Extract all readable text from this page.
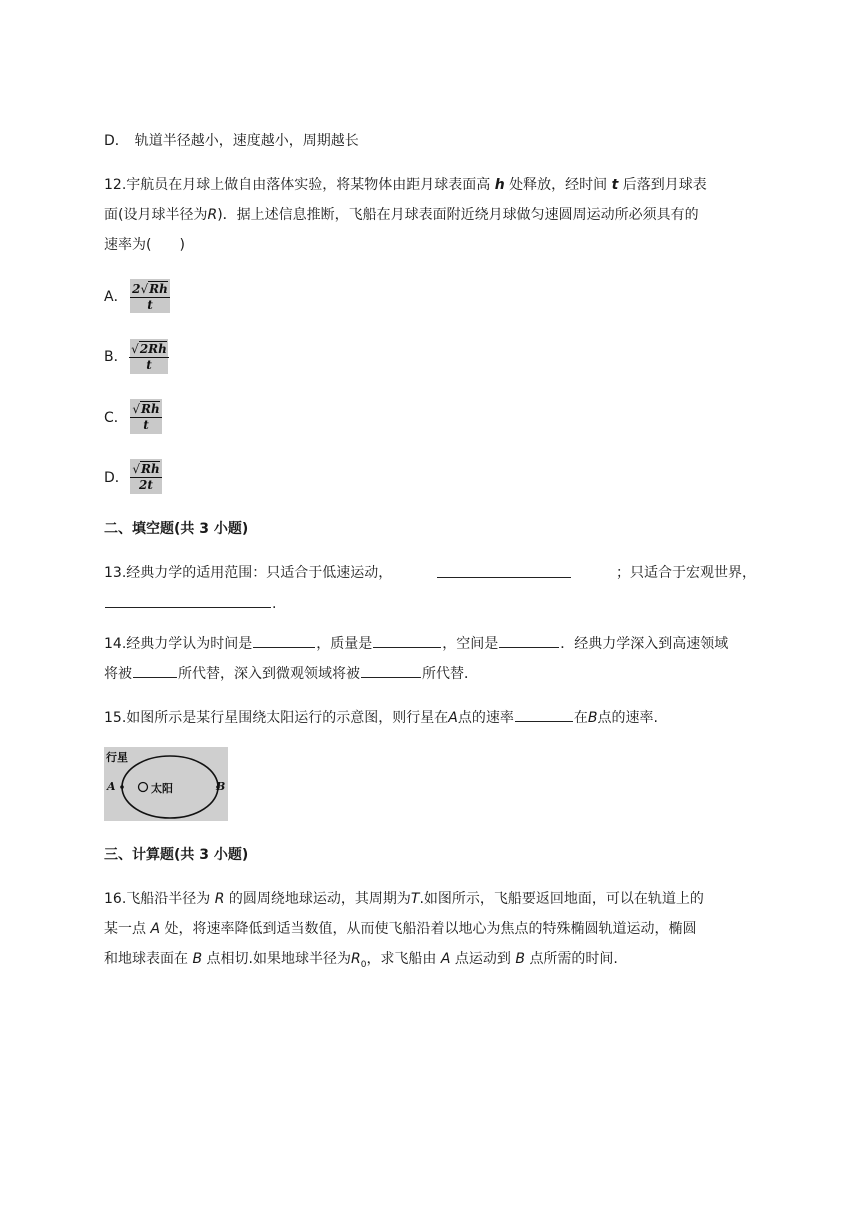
D． 轨道半径越小，速度越小，周期越长
12.宇航员在月球上做自由落体实验，将某物体由距月球表面高 h 处释放，经时间 t 后落到月球表
面(设月球半径为R)．据上述信息推断，飞船在月球表面附近绕月球做匀速圆周运动所必须具有的
速率为(　　)
A． $\frac{2√Rh}{t}$
B． $\frac{√2Rh}{t}$
C． $\frac{√Rh}{t}$
D． $\frac{√Rh}{2t}$
二、填空题(共 3 小题)
13.经典力学的适用范围：只适合于低速运动，	；只适合于宏观世界，
.
14.经典力学认为时间是	，质量是	，空间是	．经典力学深入到高速领域
将被	所代替，深入到微观领域将被	所代替．
15.如图所示是某行星围绕太阳运行的示意图，则行星在A点的速率	在B点的速率.
行星
太阳
A	B
三、计算题(共 3 小题)
16.飞船沿半径为 R 的圆周绕地球运动，其周期为T.如图所示，飞船要返回地面，可以在轨道上的
某一点 A 处，将速率降低到适当数值，从而使飞船沿着以地心为焦点的特殊椭圆轨道运动，椭圆
和地球表面在 B 点相切.如果地球半径为$R_0$，求飞船由 A 点运动到 B 点所需的时间.
